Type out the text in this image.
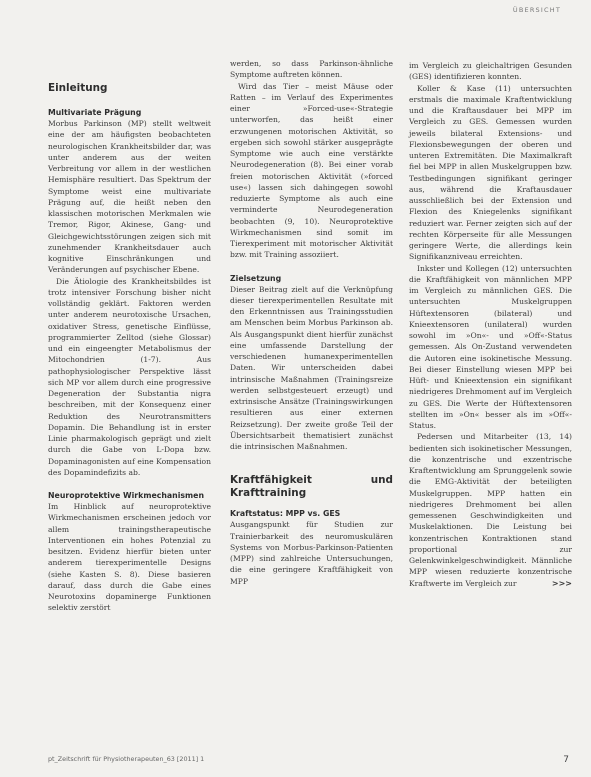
ÜBERSICHT
Einleitung
Multivariate Prägung

Morbus Parkinson (MP) stellt weltweit eine der am häufigsten beobachteten neurologischen Krankheitsbilder dar, was unter anderem aus der weiten Verbreitung vor allem in der westlichen Hemisphäre resultiert. Das Spektrum der Symptome weist eine multivariate Prägung auf, die heißt neben den klassischen motorischen Merkmalen wie Tremor, Rigor, Akinese, Gang- und Gleichgewichtsstörungen zeigen sich mit zunehmender Krankheitsdauer auch kognitive Einschränkungen und Veränderungen auf psychischer Ebene.

Die Ätiologie des Krankheitsbildes ist trotz intensiver Forschung bisher nicht vollständig geklärt. Faktoren werden unter anderem neurotoxische Ursachen, oxidativer Stress, genetische Einflüsse, programmierter Zelltod (siehe Glossar) und ein eingeengter Metabolismus der Mitochondrien (1-7). Aus pathophysiologischer Perspektive lässt sich MP vor allem durch eine progressive Degeneration der Substantia nigra beschreiben, mit der Konsequenz einer Reduktion des Neurotransmitters Dopamin. Die Behandlung ist in erster Linie pharmakologisch geprägt und zielt durch die Gabe von L-Dopa bzw. Dopaminagonisten auf eine Kompensation des Dopamindefizits ab.

Neuroprotektive Wirkmechanismen

Im Hinblick auf neuroprotektive Wirkmechanismen erscheinen jedoch vor allem trainingstherapeutische Interventionen ein hohes Potenzial zu besitzen. Evidenz hierfür bieten unter anderem tierexperimentelle Designs (siehe Kasten S. 8). Diese basieren darauf, dass durch die Gabe eines Neurotoxins dopaminerge Funktionen selektiv zerstört

werden, so dass Parkinson-ähnliche Symptome auftreten können.

Wird das Tier – meist Mäuse oder Ratten – im Verlauf des Experimentes einer »Forced-use«-Strategie unterworfen, das heißt einer erzwungenen motorischen Aktivität, so ergeben sich sowohl stärker ausgeprägte Symptome wie auch eine verstärkte Neurodegeneration (8). Bei einer vorab freien motorischen Aktivität (»forced use«) lassen sich dahingegen sowohl reduzierte Symptome als auch eine verminderte Neurodegeneration beobachten (9, 10). Neuroprotektive Wirkmechanismen sind somit im Tierexperiment mit motorischer Aktivität bzw. mit Training assoziiert.

Zielsetzung

Dieser Beitrag zielt auf die Verknüpfung dieser tierexperimentellen Resultate mit den Erkenntnissen aus Trainingsstudien am Menschen beim Morbus Parkinson ab. Als Ausgangspunkt dient hierfür zunächst eine umfassende Darstellung der verschiedenen humanexperimentellen Daten. Wir unterscheiden dabei intrinsische Maßnahmen (Trainingsreize werden selbstgesteuert erzeugt) und extrinsische Ansätze (Trainingswirkungen resultieren aus einer externen Reizsetzung). Der zweite große Teil der Übersichtsarbeit thematisiert zunächst die intrinsischen Maßnahmen.

Kraftfähigkeit und Krafttraining
Kraftstatus: MPP vs. GES

Ausgangspunkt für Studien zur Trainierbarkeit des neuromuskulären Systems von Morbus-Parkinson-Patienten (MPP) sind zahlreiche Untersuchungen, die eine geringere Kraftfähigkeit von MPP

im Vergleich zu gleichaltrigen Gesunden (GES) identifizieren konnten.

Koller & Kase (11) untersuchten erstmals die maximale Kraftentwicklung und die Kraftausdauer bei MPP im Vergleich zu GES. Gemessen wurden jeweils bilateral Extensions- und Flexionsbewegungen der oberen und unteren Extremitäten. Die Maximalkraft fiel bei MPP in allen Muskelgruppen bzw. Testbedingungen signifikant geringer aus, während die Kraftausdauer ausschließlich bei der Extension und Flexion des Kniegelenks signifikant reduziert war. Ferner zeigten sich auf der rechten Körperseite für alle Messungen geringere Werte, die allerdings kein Signifikanzniveau erreichten.

Inkster und Kollegen (12) untersuchten die Kraftfähigkeit von männlichen MPP im Vergleich zu männlichen GES. Die untersuchten Muskelgruppen Hüftextensoren (bilateral) und Knieextensoren (unilateral) wurden sowohl im »On«- und »Off«-Status gemessen. Als On-Zustand verwendeten die Autoren eine isokinetische Messung. Bei dieser Einstellung wiesen MPP bei Hüft- und Knieextension ein signifikant niedrigeres Drehmoment auf im Vergleich zu GES. Die Werte der Hüftextensoren stellten im »On« besser als im »Off«-Status.

Pedersen und Mitarbeiter (13, 14) bedienten sich isokinetischer Messungen, die konzentrische und exzentrische Kraftentwicklung am Sprunggelenk sowie die EMG-Aktivität der beteiligten Muskelgruppen. MPP hatten ein niedrigeres Drehmoment bei allen gemessenen Geschwindigkeiten und Muskelaktionen. Die Leistung bei konzentrischen Kontraktionen stand proportional zur Gelenkwinkelgeschwindigkeit. Männliche MPP wiesen reduzierte konzentrische Kraftwerte im Vergleich zur	>>>

pt_Zeitschrift für Physiotherapeuten_63 [2011] 1	7
